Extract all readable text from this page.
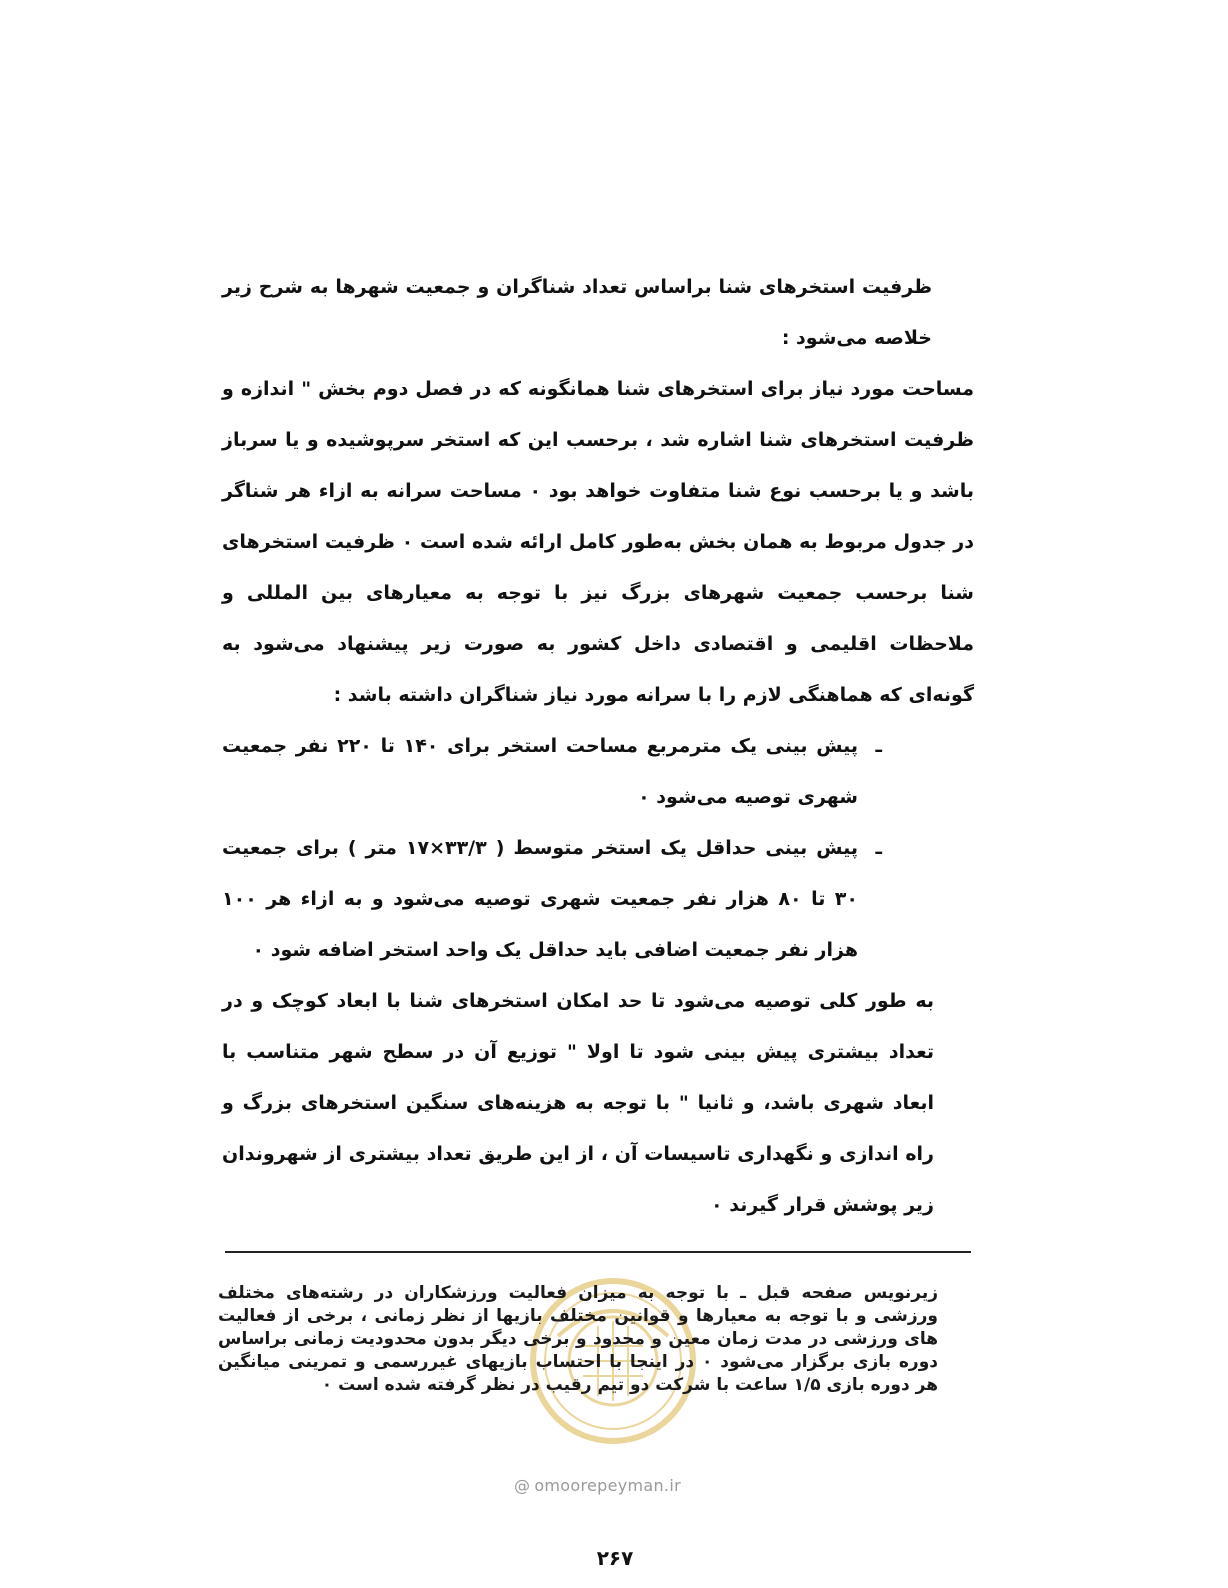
ظرفیت استخرهای شنا براساس تعداد شناگران و جمعیت شهرها به شرح زیر خلاصه می‌شود :

مساحت مورد نیاز برای استخرهای شنا همانگونه که در فصل دوم بخش " اندازه و ظرفیت استخرهای شنا اشاره شد ، برحسب این که استخر سرپوشیده و یا سرباز باشد و یا برحسب نوع شنا متفاوت خواهد بود ۰ مساحت سرانه به ازاء هر شناگر در جدول مربوط به همان بخش به‌طور کامل ارائه شده است ۰ ظرفیت استخرهای شنا برحسب جمعیت شهرهای بزرگ نیز با توجه به معیارهای بین المللی و ملاحظات اقلیمی و اقتصادی داخل کشور به صورت زیر پیشنهاد می‌شود به گونه‌ای که هماهنگی لازم را با سرانه مورد نیاز شناگران داشته باشد :

ـ
پیش بینی یک مترمربع مساحت استخر برای ۱۴۰ تا ۲۲۰ نفر جمعیت شهری توصیه می‌شود ۰
ـ
پیش بینی حداقل یک استخر متوسط ( ۳۳/۳×۱۷ متر ) برای جمعیت ۳۰ تا ۸۰ هزار نفر جمعیت شهری توصیه می‌شود و به ازاء هر ۱۰۰ هزار نفر جمعیت اضافی باید حداقل یک واحد استخر اضافه شود ۰

به طور کلی توصیه می‌شود تا حد امکان استخرهای شنا با ابعاد کوچک و در تعداد بیشتری پیش بینی شود تا اولا " توزیع آن در سطح شهر متناسب با ابعاد شهری باشد، و ثانیا " با توجه به هزینه‌های سنگین استخرهای بزرگ و راه اندازی و نگهداری تاسیسات آن ، از این طریق تعداد بیشتری از شهروندان زیر پوشش قرار گیرند ۰

زیرنویس صفحه قبل ـ با توجه به میزان فعالیت ورزشکاران در رشته‌های مختلف ورزشی و با توجه به معیارها و قوانین مختلف بازیها از نظر زمانی ، برخی از فعالیت های ورزشی در مدت زمان معین و محدود و برخی دیگر بدون محدودیت زمانی براساس دوره بازی برگزار می‌شود ۰ در اینجا با احتساب بازیهای غیررسمی و تمرینی میانگین هر دوره بازی ۱/۵ ساعت با شرکت دو تیم رقیب در نظر گرفته شده است ۰

@ omoorepeyman.ir
۲۶۷
